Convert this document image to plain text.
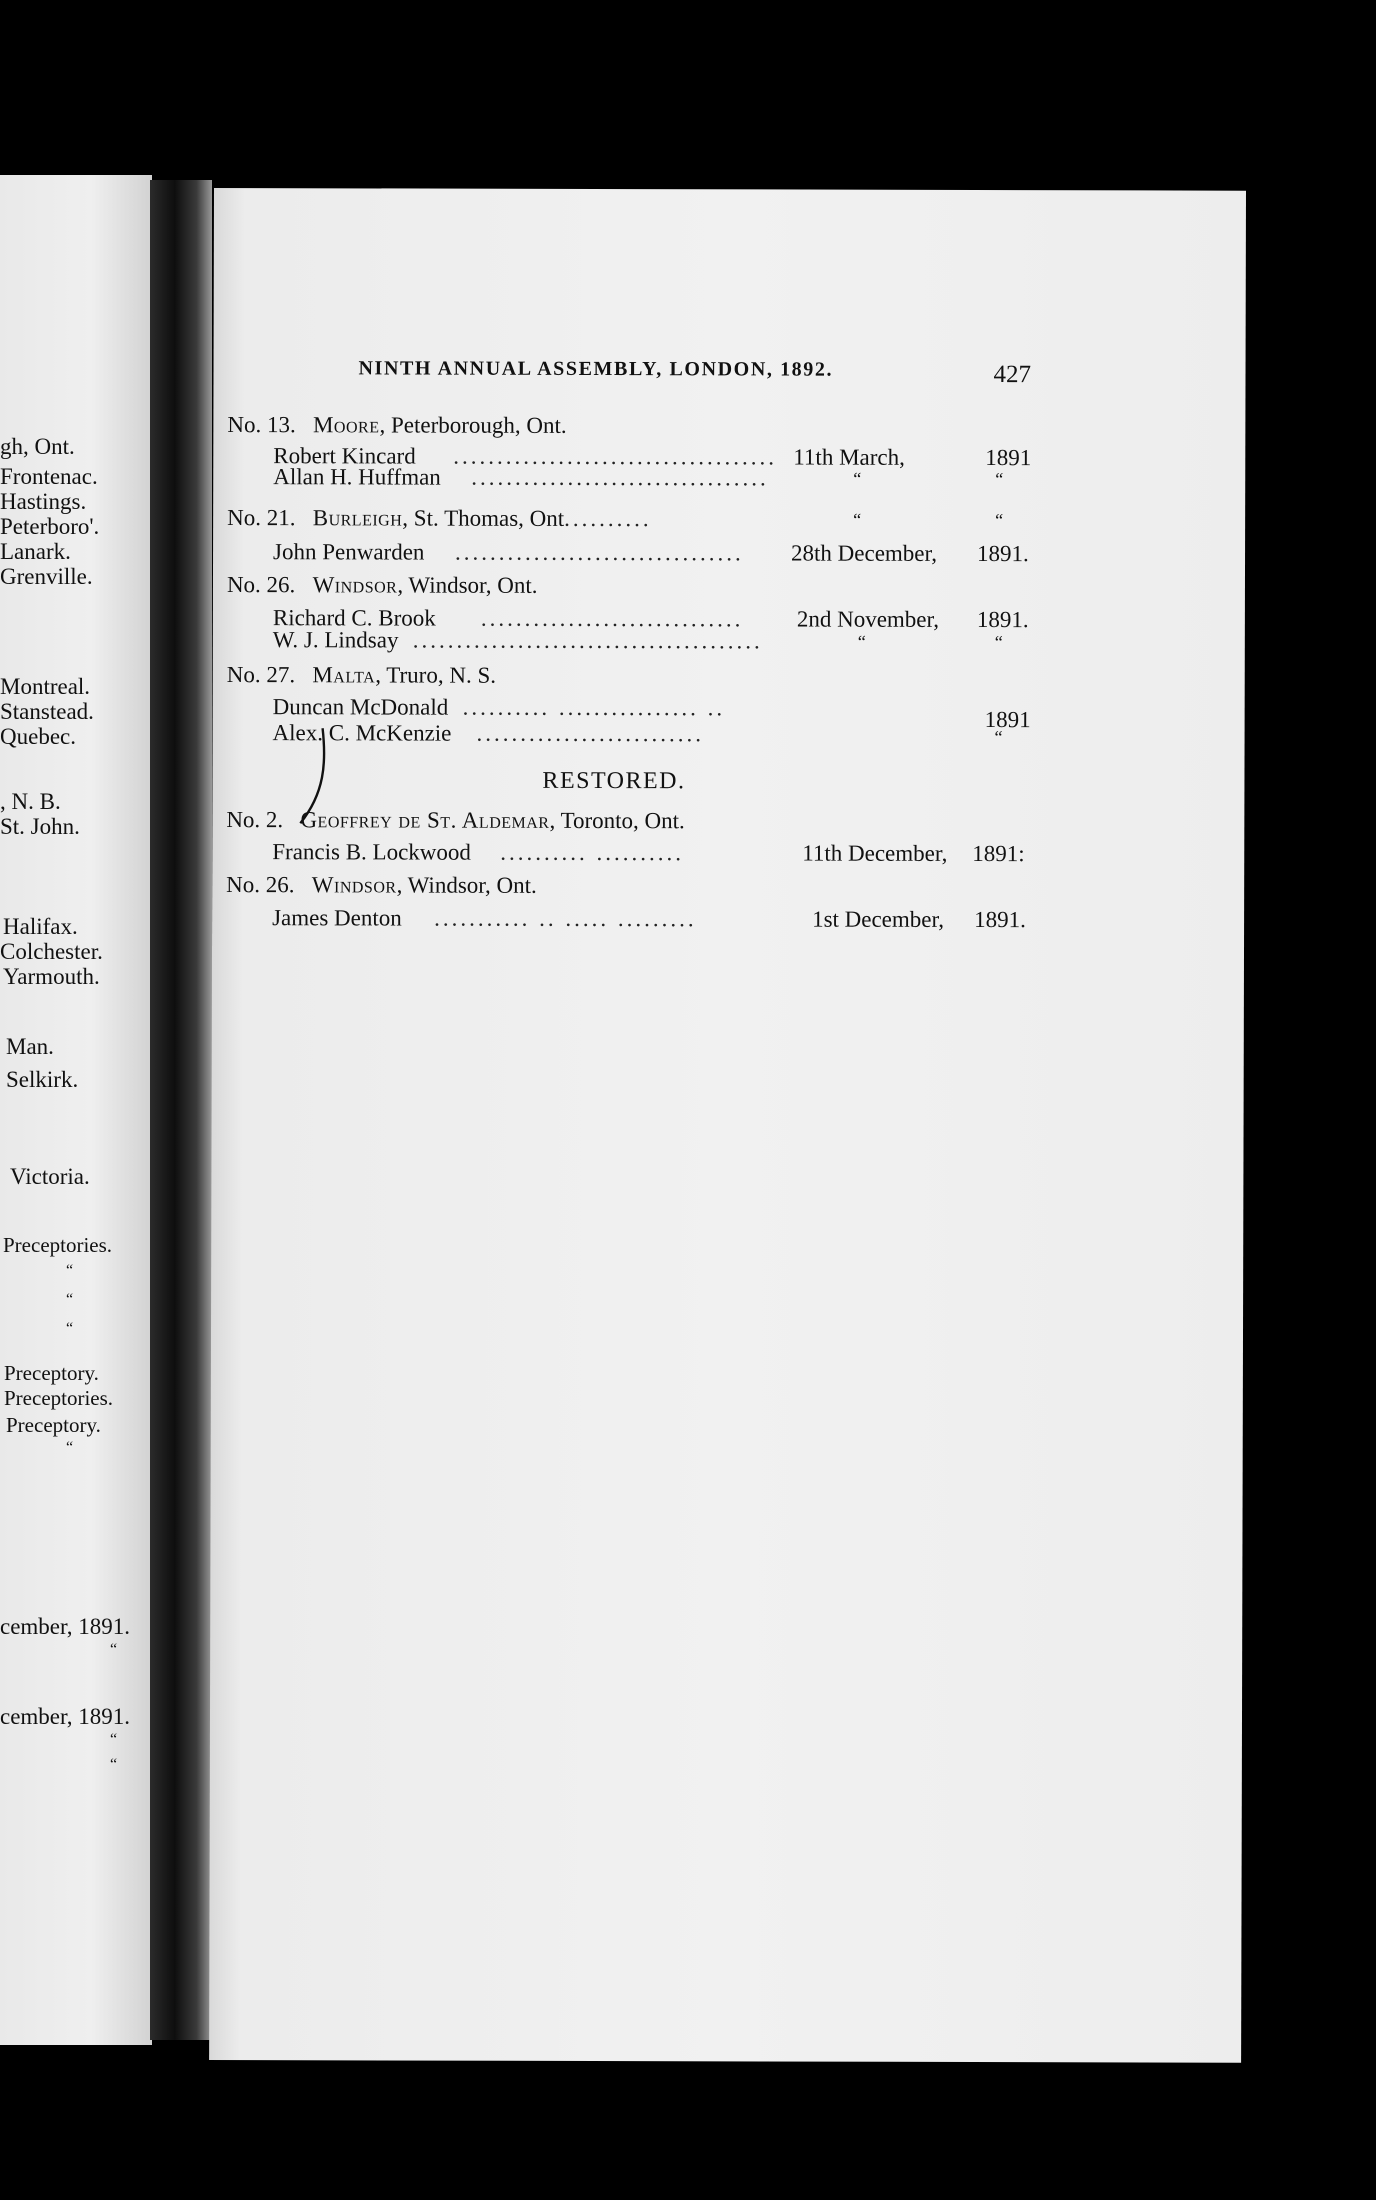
gh, Ont.
Frontenac.
Hastings.
Peterboro'.
Lanark.
Grenville.
Montreal.
Stanstead.
Quebec.
, N. B.
St. John.
Halifax.
Colchester.
Yarmouth.
Man.
Selkirk.
Victoria.
Preceptories.
“
“
“
Preceptory.
Preceptories.
Preceptory.
“
cember, 1891.
“
cember, 1891.
“
“
NINTH ANNUAL ASSEMBLY, LONDON, 1892.	427
No. 13. Moore, Peterborough, Ont.
Robert Kincard ..................................... 11th March,	1891
Allan H. Huffman ..................................	“	“
No. 21. Burleigh, St. Thomas, Ont..........	“	“
John Penwarden ................................. 28th December, 1891.
No. 26. Windsor, Windsor, Ont.
Richard C. Brook .............................. 2nd November, 1891.
W. J. Lindsay ........................................	“	“
No. 27. Malta, Truro, N. S.
Duncan McDonald .......... ................ ..	1891
Alex. C. McKenzie ..........................	“
RESTORED.
No. 2. Geoffrey de St. Aldemar, Toronto, Ont.
Francis B. Lockwood .......... ..........	11th December, 1891:
No. 26. Windsor, Windsor, Ont.
James Denton ........... .. ..... .........	1st December, 1891.
